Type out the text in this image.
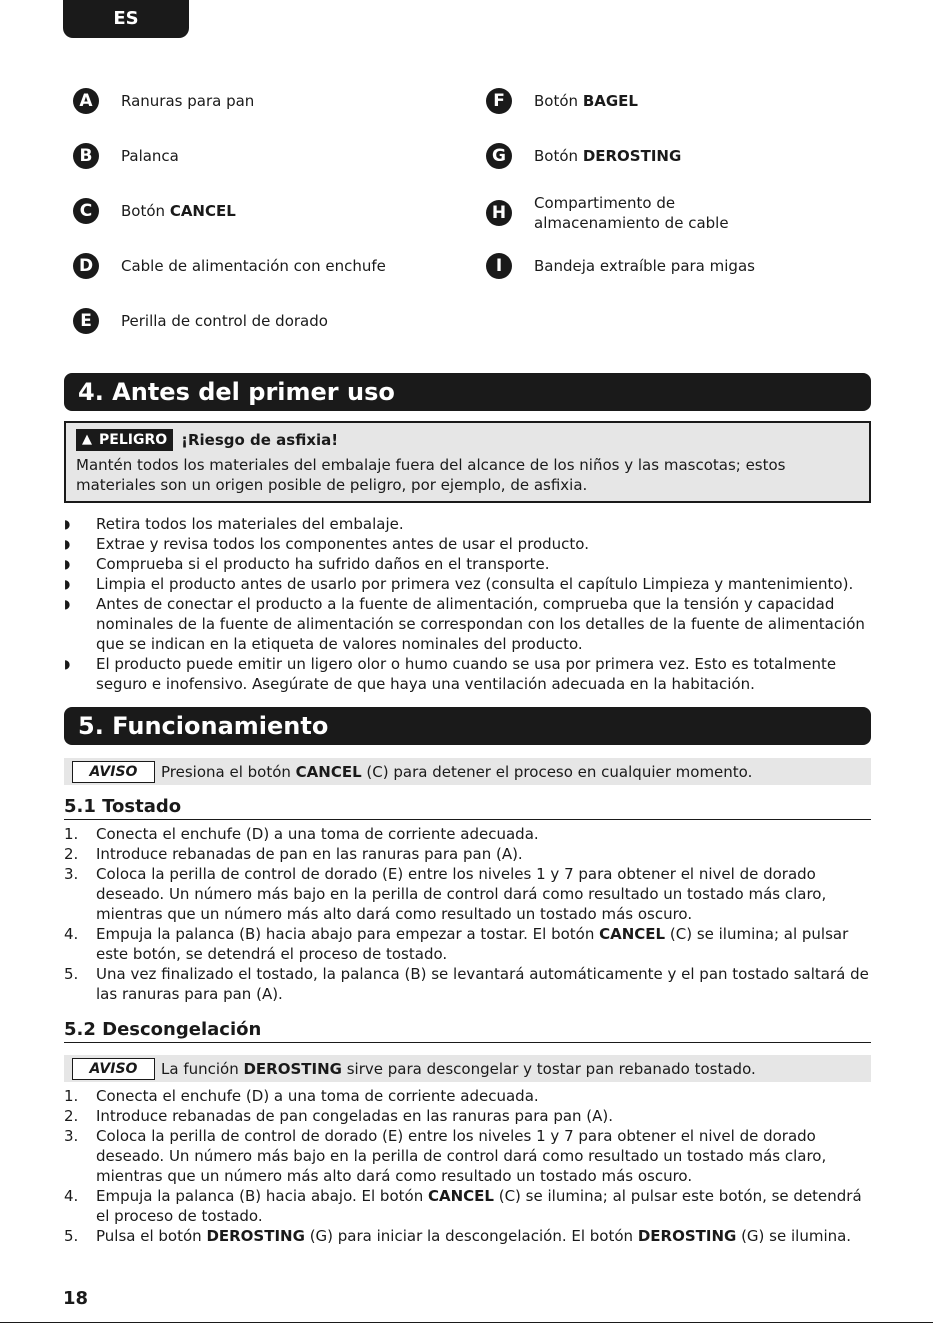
ES
A	Ranuras para pan
B	Palanca
C	Botón CANCEL
D	Cable de alimentación con enchufe
E	Perilla de control de dorado
F	Botón BAGEL
G	Botón DEROSTING
H	Compartimento de almacenamiento de cable
I	Bandeja extraíble para migas
4. Antes del primer uso
▲ PELIGRO ¡Riesgo de asfixia!
Mantén todos los materiales del embalaje fuera del alcance de los niños y las mascotas; estos materiales son un origen posible de peligro, por ejemplo, de asfixia.
◗ Retira todos los materiales del embalaje.
◗ Extrae y revisa todos los componentes antes de usar el producto.
◗ Comprueba si el producto ha sufrido daños en el transporte.
◗ Limpia el producto antes de usarlo por primera vez (consulta el capítulo Limpieza y mantenimiento).
◗ Antes de conectar el producto a la fuente de alimentación, comprueba que la tensión y capacidad nominales de la fuente de alimentación se correspondan con los detalles de la fuente de alimentación que se indican en la etiqueta de valores nominales del producto.
◗ El producto puede emitir un ligero olor o humo cuando se usa por primera vez. Esto es totalmente seguro e inofensivo. Asegúrate de que haya una ventilación adecuada en la habitación.
5. Funcionamiento
AVISO	Presiona el botón CANCEL (C) para detener el proceso en cualquier momento.
5.1 Tostado
1. Conecta el enchufe (D) a una toma de corriente adecuada.
2. Introduce rebanadas de pan en las ranuras para pan (A).
3. Coloca la perilla de control de dorado (E) entre los niveles 1 y 7 para obtener el nivel de dorado deseado. Un número más bajo en la perilla de control dará como resultado un tostado más claro, mientras que un número más alto dará como resultado un tostado más oscuro.
4. Empuja la palanca (B) hacia abajo para empezar a tostar. El botón CANCEL (C) se ilumina; al pulsar este botón, se detendrá el proceso de tostado.
5. Una vez finalizado el tostado, la palanca (B) se levantará automáticamente y el pan tostado saltará de las ranuras para pan (A).
5.2 Descongelación
AVISO	La función DEROSTING sirve para descongelar y tostar pan rebanado tostado.
1. Conecta el enchufe (D) a una toma de corriente adecuada.
2. Introduce rebanadas de pan congeladas en las ranuras para pan (A).
3. Coloca la perilla de control de dorado (E) entre los niveles 1 y 7 para obtener el nivel de dorado deseado. Un número más bajo en la perilla de control dará como resultado un tostado más claro, mientras que un número más alto dará como resultado un tostado más oscuro.
4. Empuja la palanca (B) hacia abajo. El botón CANCEL (C) se ilumina; al pulsar este botón, se detendrá el proceso de tostado.
5. Pulsa el botón DEROSTING (G) para iniciar la descongelación. El botón DEROSTING (G) se ilumina.
18
